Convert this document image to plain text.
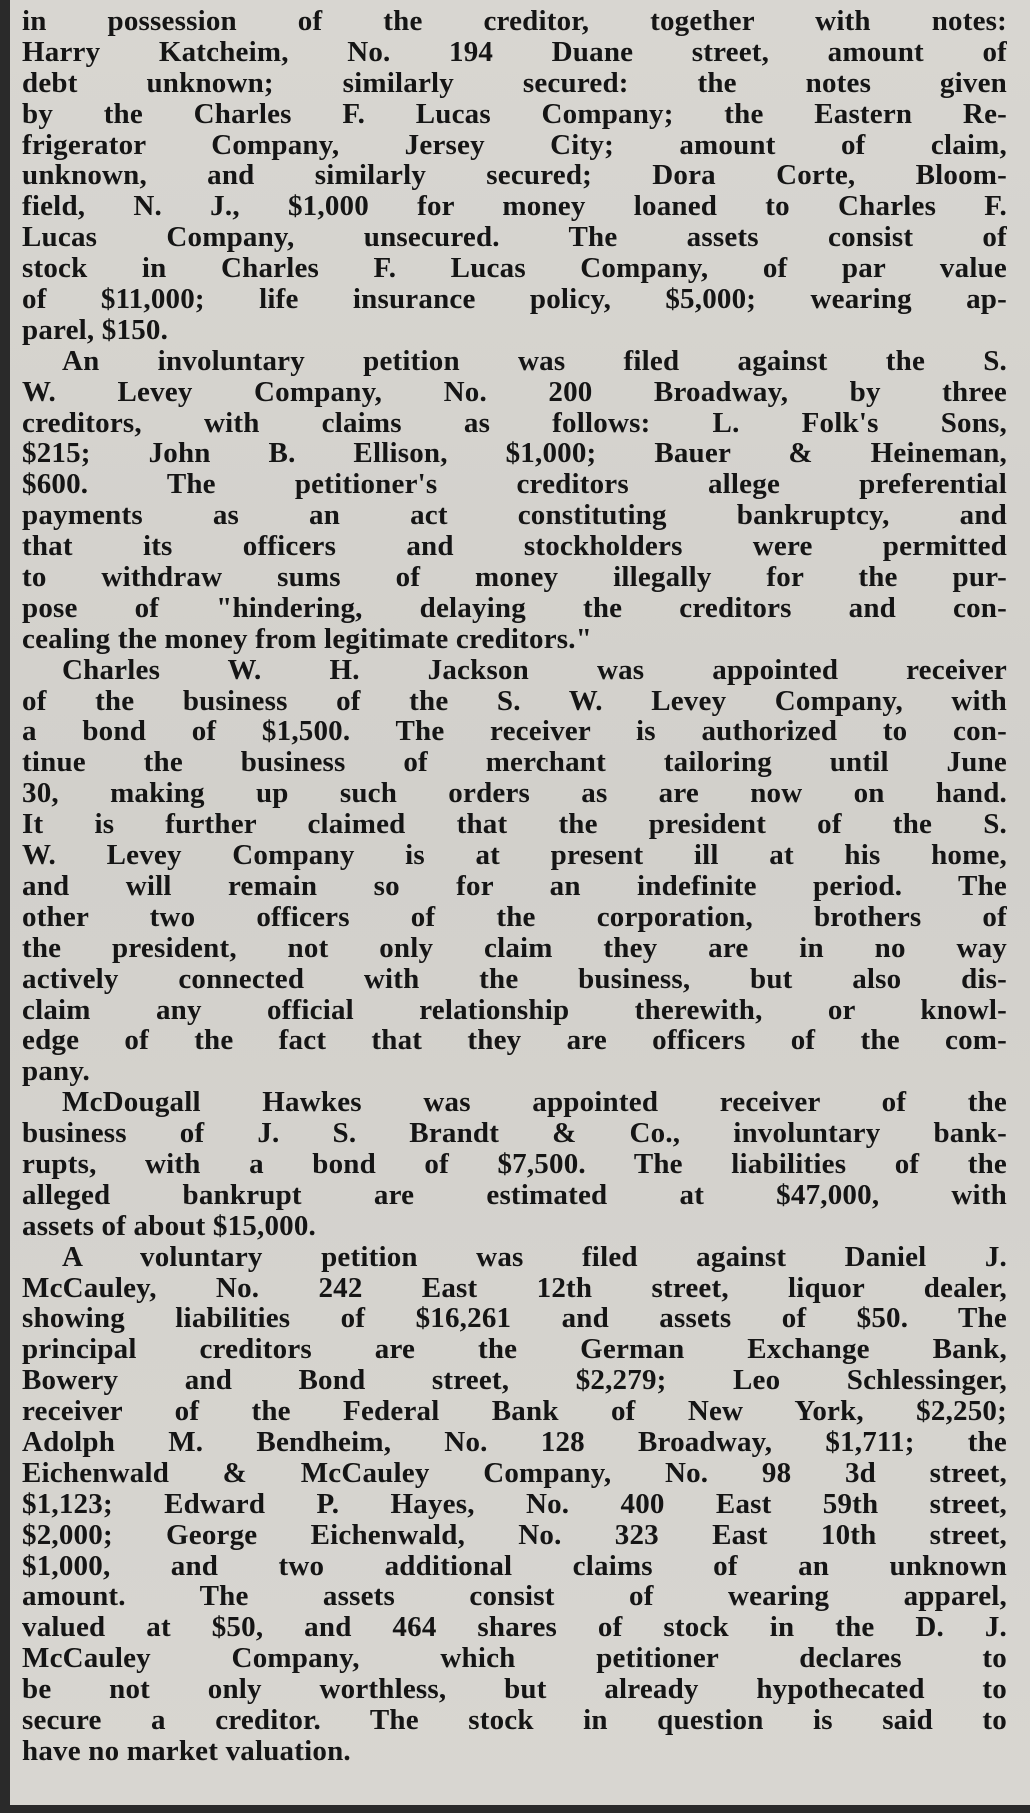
in possession of the creditor, together with notes:
Harry Katcheim, No. 194 Duane street, amount of
debt unknown; similarly secured: the notes given
by the Charles F. Lucas Company; the Eastern Re-
frigerator Company, Jersey City; amount of claim,
unknown, and similarly secured; Dora Corte, Bloom-
field, N. J., $1,000 for money loaned to Charles F.
Lucas Company, unsecured. The assets consist of
stock in Charles F. Lucas Company, of par value
of $11,000; life insurance policy, $5,000; wearing ap-
parel, $150.
An involuntary petition was filed against the S.
W. Levey Company, No. 200 Broadway, by three
creditors, with claims as follows: L. Folk's Sons,
$215; John B. Ellison, $1,000; Bauer & Heineman,
$600. The petitioner's creditors allege preferential
payments as an act constituting bankruptcy, and
that its officers and stockholders were permitted
to withdraw sums of money illegally for the pur-
pose of "hindering, delaying the creditors and con-
cealing the money from legitimate creditors."
Charles W. H. Jackson was appointed receiver
of the business of the S. W. Levey Company, with
a bond of $1,500. The receiver is authorized to con-
tinue the business of merchant tailoring until June
30, making up such orders as are now on hand.
It is further claimed that the president of the S.
W. Levey Company is at present ill at his home,
and will remain so for an indefinite period. The
other two officers of the corporation, brothers of
the president, not only claim they are in no way
actively connected with the business, but also dis-
claim any official relationship therewith, or knowl-
edge of the fact that they are officers of the com-
pany.
McDougall Hawkes was appointed receiver of the
business of J. S. Brandt & Co., involuntary bank-
rupts, with a bond of $7,500. The liabilities of the
alleged bankrupt are estimated at $47,000, with
assets of about $15,000.
A voluntary petition was filed against Daniel J.
McCauley, No. 242 East 12th street, liquor dealer,
showing liabilities of $16,261 and assets of $50. The
principal creditors are the German Exchange Bank,
Bowery and Bond street, $2,279; Leo Schlessinger,
receiver of the Federal Bank of New York, $2,250;
Adolph M. Bendheim, No. 128 Broadway, $1,711; the
Eichenwald & McCauley Company, No. 98 3d street,
$1,123; Edward P. Hayes, No. 400 East 59th street,
$2,000; George Eichenwald, No. 323 East 10th street,
$1,000, and two additional claims of an unknown
amount. The assets consist of wearing apparel,
valued at $50, and 464 shares of stock in the D. J.
McCauley Company, which petitioner declares to
be not only worthless, but already hypothecated to
secure a creditor. The stock in question is said to
have no market valuation.
